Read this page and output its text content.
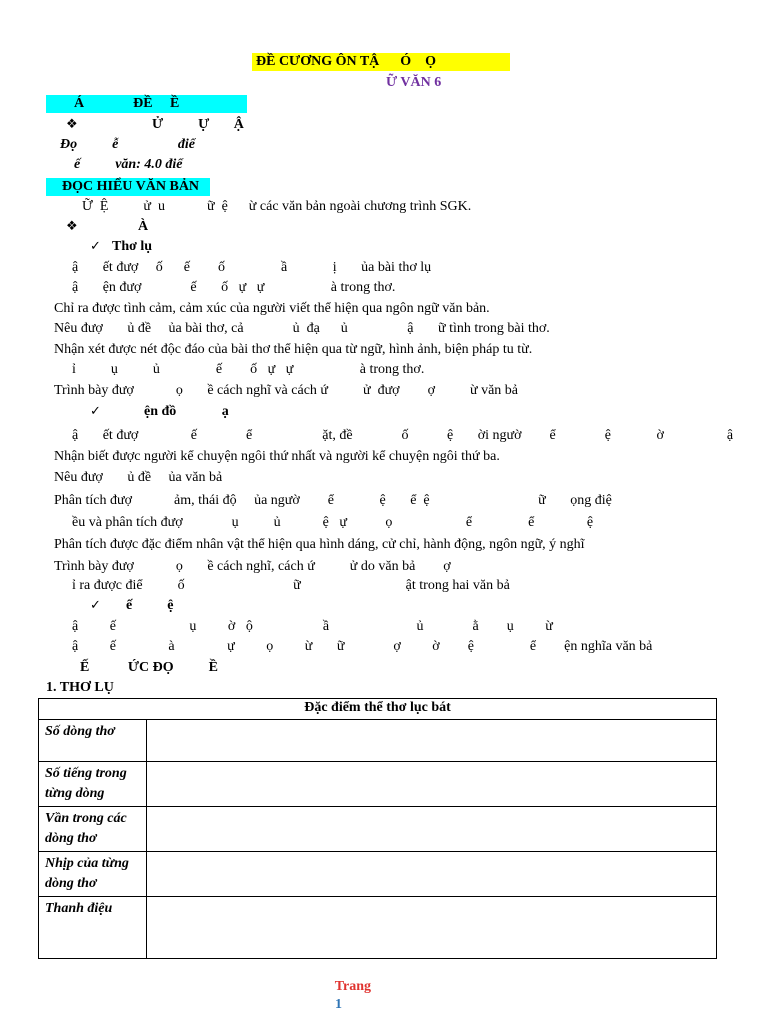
ĐỀ CƯƠNG ÔN TẬ      Ó    Ọ
Ữ VĂN 6
Á              ĐỀ     Ề
❖	Ử          Ự       Ậ
Đọ          ễ                 điể
ế          văn: 4.0 điể
ĐỌC HIỂU VĂN BẢN
Ữ  Ệ          ử  u            ữ  ệ      ừ các văn bản ngoài chương trình SGK.
❖	À
✓ Thơ lụ
ậ       ết đượ     ố      ế        ố                ầ             ị       ủa bài thơ lụ
ậ       ện đượ              ế       ố   ự   ự                   à trong thơ.
Chỉ ra được tình cảm, cảm xúc của người viết thể hiện qua ngôn ngữ văn bản.
Nêu đượ       ủ đề     ủa bài thơ, cả              ủ  đạ      ủ                 ậ       ữ tình trong bài thơ.
Nhận xét được nét độc đáo của bài thơ thể hiện qua từ ngữ, hình ảnh, biện pháp tu từ.
ỉ          ụ          ủ                ế        ố   ự   ự                   à trong thơ.
Trình bày đượ            ọ       ề cách nghĩ và cách ứ          ử  đượ        ợ          ừ văn bả
✓	ện đồ             ạ
ậ       ết đượ               ế              ể                    ặt, đề              ố           ệ       ời ngườ        ể              ệ             ờ                  ậ
Nhận biết được người kể chuyện ngôi thứ nhất và người kể chuyện ngôi thứ ba.
Nêu đượ       ủ đề     ủa văn bả
Phân tích đượ            ảm, thái độ     ủa ngườ        ể             ệ       ể  ệ                               ữ       ọng điệ
ều và phân tích đượ              ụ          ủ            ệ   ự           ọ                     ể                ể               ệ
Phân tích được đặc điểm nhân vật thể hiện qua hình dáng, cử chỉ, hành động, ngôn ngữ, ý nghĩ
Trình bày đượ            ọ       ề cách nghĩ, cách ứ          ử do văn bả        ợ
ỉ ra được điể          ố                               ữ                              ật trong hai văn bả
✓ ế          ệ
ậ         ế                     ụ         ờ   ộ                    ầ                         ủ              ằ        ụ         ừ
ậ         ế               à               ự         ọ         ừ       ữ              ợ         ờ        ệ                ể        ện nghĩa văn bả
Ế           ỨC ĐỌ          Ề
1. THƠ LỤ
Đặc điểm thể thơ lục bát	
Số dòng thơ	
Số tiếng trong từng dòng	
Vần trong các dòng thơ	
Nhịp của từng dòng thơ	
Thanh điệu	

Trang
1
